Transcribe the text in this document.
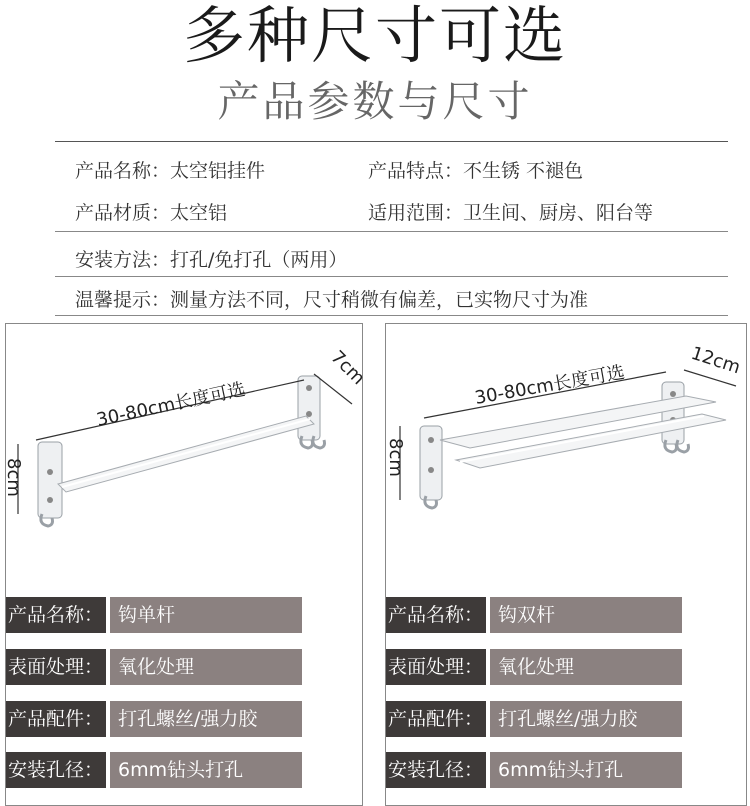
多种尺寸可选
产品参数与尺寸
产品名称：太空铝挂件	产品特点：不生锈 不褪色
产品材质：太空铝	适用范围：卫生间、厨房、阳台等
安装方法：打孔/免打孔（两用）
温馨提示：测量方法不同，尺寸稍微有偏差，已实物尺寸为准
30-80cm长度可选
7cm
8cm
产品名称： 钩单杆
表面处理： 氧化处理
产品配件： 打孔螺丝/强力胶
安装孔径： 6mm钻头打孔
30-80cm长度可选
12cm
8cm
产品名称： 钩双杆
表面处理： 氧化处理
产品配件： 打孔螺丝/强力胶
安装孔径： 6mm钻头打孔
